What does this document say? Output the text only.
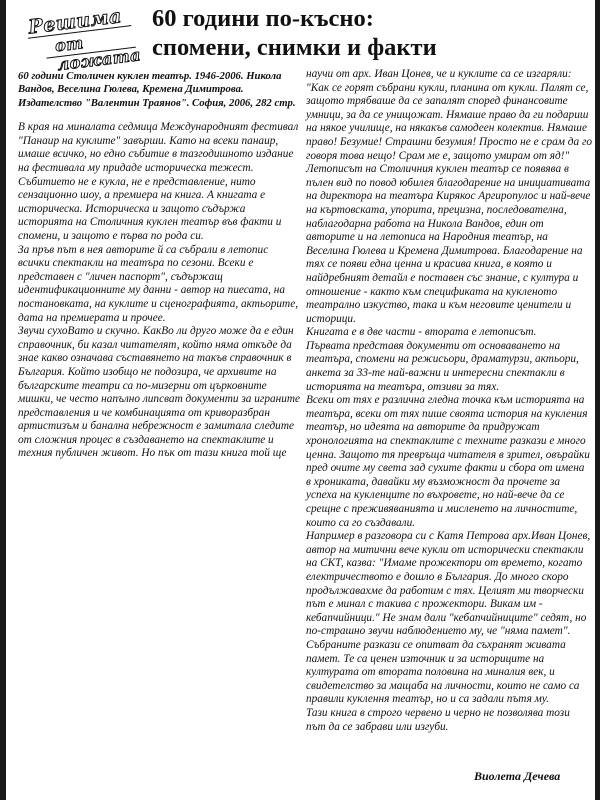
Решима
от ложата
60 години по-късно:
спомени, снимки и факти

60 години Столичен куклен театър. 1946-2006. Никола Вандов, Веселина Гюлева, Кремена Димитрова. Издателство "Валентин Траянов". София, 2006, 282 стр.

В края на миналата седмица Международният фестивал "Панаир на куклите" завърши. Като на всеки панаир, имаше всичко, но едно събитие в тазгодишното издание на фестивала му придаде историческа тежест. Събитието не е кукла, не е представление, нито сензационно шоу, а премиера на книга. А книгата е историческа. Историческа и защото съдържа историята на Столичния куклен театър във факти и спомени, и защото е първа по рода си.

За пръв път в нея авторите й са събрали в летопис всички спектакли на театъра по сезони. Всеки е представен с "личен паспорт", съдържащ идентификационните му данни - автор на пиесата, на постановката, на куклите и сценографията, актьорите, дата на премиерата и прочее.

Звучи сухоВато и скучно. КакВо ли друго може да е един справочник, би казал читателят, който няма откъде да знае какво означава съставянето на такъв справочник в България. Който изобщо не подозира, че архивите на българските театри са по-мизерни от църковните мишки, че често напълно липсват документи за играните представления и че комбинацията от криворазбран артистизъм и банална небрежност е замитала следите от сложния процес в създаването на спектаклите и техния публичен живот. Но пък от тази книга той ще

научи от арх. Иван Цонев, че и куклите са се изгаряли: "Как се горят събрани кукли, планина от кукли. Палят се, защото трябваше да се запалят според финансовите умници, за да се унищожат. Нямаше право да ги подариш на някое училище, на някакъв самодеен колектив. Нямаше право! Безумие! Страшни безумия! Просто не е срам да го говоря това нещо! Срам ме е, защото умирам от яд!"

Летописът на Столичния куклен театър се появява в пълен вид по повод юбилея благодарение на инициативата на директора на театъра Кирякос Аргиропулос и най-вече на къртовската, упорита, прецизна, последователна, наблагодарна работа на Никола Вандов, един от авторите и на летописа на Народния театър, на Веселина Гюлева и Кремена Димитрова. Благодарение на тях се появи една ценна и красива книга, в която и найдребният детайл е поставен със знание, с култура и отношение - както към спецификата на кукленото театрално изкуство, така и към неговите ценители и историци.

Книгата е в две части - втората е летописът.

Първата представя документи от основаването на театъра, спомени на режисьори, драматурзи, актьори, анкета за 33-те най-важни и интересни спектакли в историята на театъра, отзиви за тях.

Всеки от тях е различна гледна точка към историята на театъра, всеки от тях пише своята история на кукления театър, но идеята на авторите да придружат хронологията на спектаклите с техните разкази е много ценна. Защото тя превръща читателя в зрител, овърайки пред очите му света зад сухите факти и сбора от имена в хрониката, давайки му възможност да прочете за успеха на кукленците по въхровете, но най-вече да се срещне с преживяванията и мисленето на личностите, които са го създавали.

Например в разговора си с Катя Петрова арх.Иван Цонев, автор на митични вече кукли от исторически спектакли на СКТ, казва: "Имаме прожектори от времето, когато електричеството е дошло в България. До много скоро продължавахме да работим с тях. Целият ми творчески път е минал с такива с прожектори. Викам им - кебапчийници." Не знам дали "кебапчийниците" седят, но по-страшно звучи наблюдението му, че "няма памет".

Събраните разкази се опитват да съхранят живата памет. Те са ценен източник и за историците на културата от втората половина на миналия век, и свидетелство за мащаба на личности, които не само са правили куклення театър, но и са задали пътя му.

Тази книга в строго червено и черно не позволява този път да се забрави или изгуби.

Виолета Дечева
